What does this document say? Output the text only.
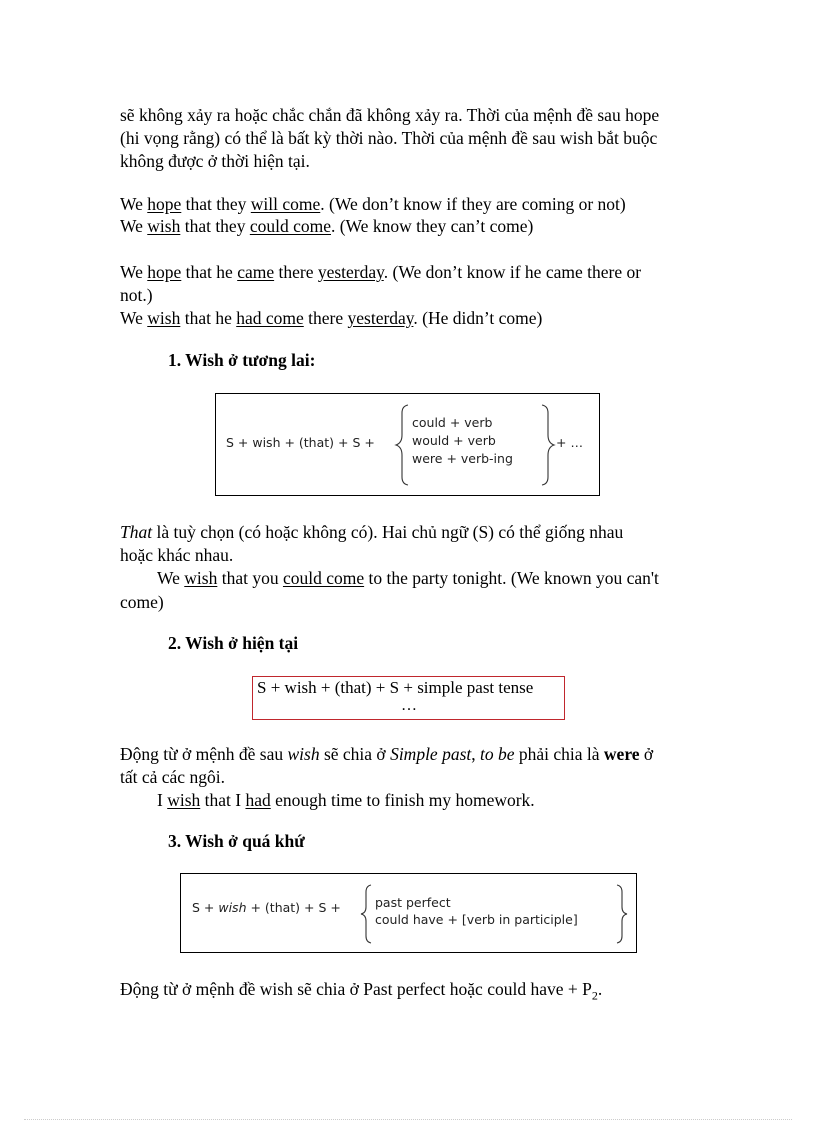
sẽ không xảy ra hoặc chắc chắn đã không xảy ra. Thời của mệnh đề sau hope
(hi vọng rằng) có thể là bất kỳ thời nào. Thời của mệnh đề sau wish bắt buộc
không được ở thời hiện tại.
We hope that they will come. (We don’t know if they are coming or not)
We wish that they could come. (We know they can’t come)
We hope that he came there yesterday. (We don’t know if he came there or
not.)
We wish that he had come there yesterday. (He didn’t come)
1. Wish ở tương lai:
S + wish + (that) + S +
could + verb
would + verb
were + verb-ing
+ …
That là tuỳ chọn (có hoặc không có). Hai chủ ngữ (S) có thể giống nhau
hoặc khác nhau.
We wish that you could come to the party tonight. (We known you can't
come)
2. Wish ở hiện tại
S + wish + (that) + S + simple past tense
…
Động từ ở mệnh đề sau wish sẽ chia ở Simple past, to be phải chia là were ở
tất cả các ngôi.
I wish that I had enough time to finish my homework.
3. Wish ở quá khứ
S + wish + (that) + S +	past perfect
could have + [verb in participle]
Động từ ở mệnh đề wish sẽ chia ở Past perfect hoặc could have + $P_2$.
